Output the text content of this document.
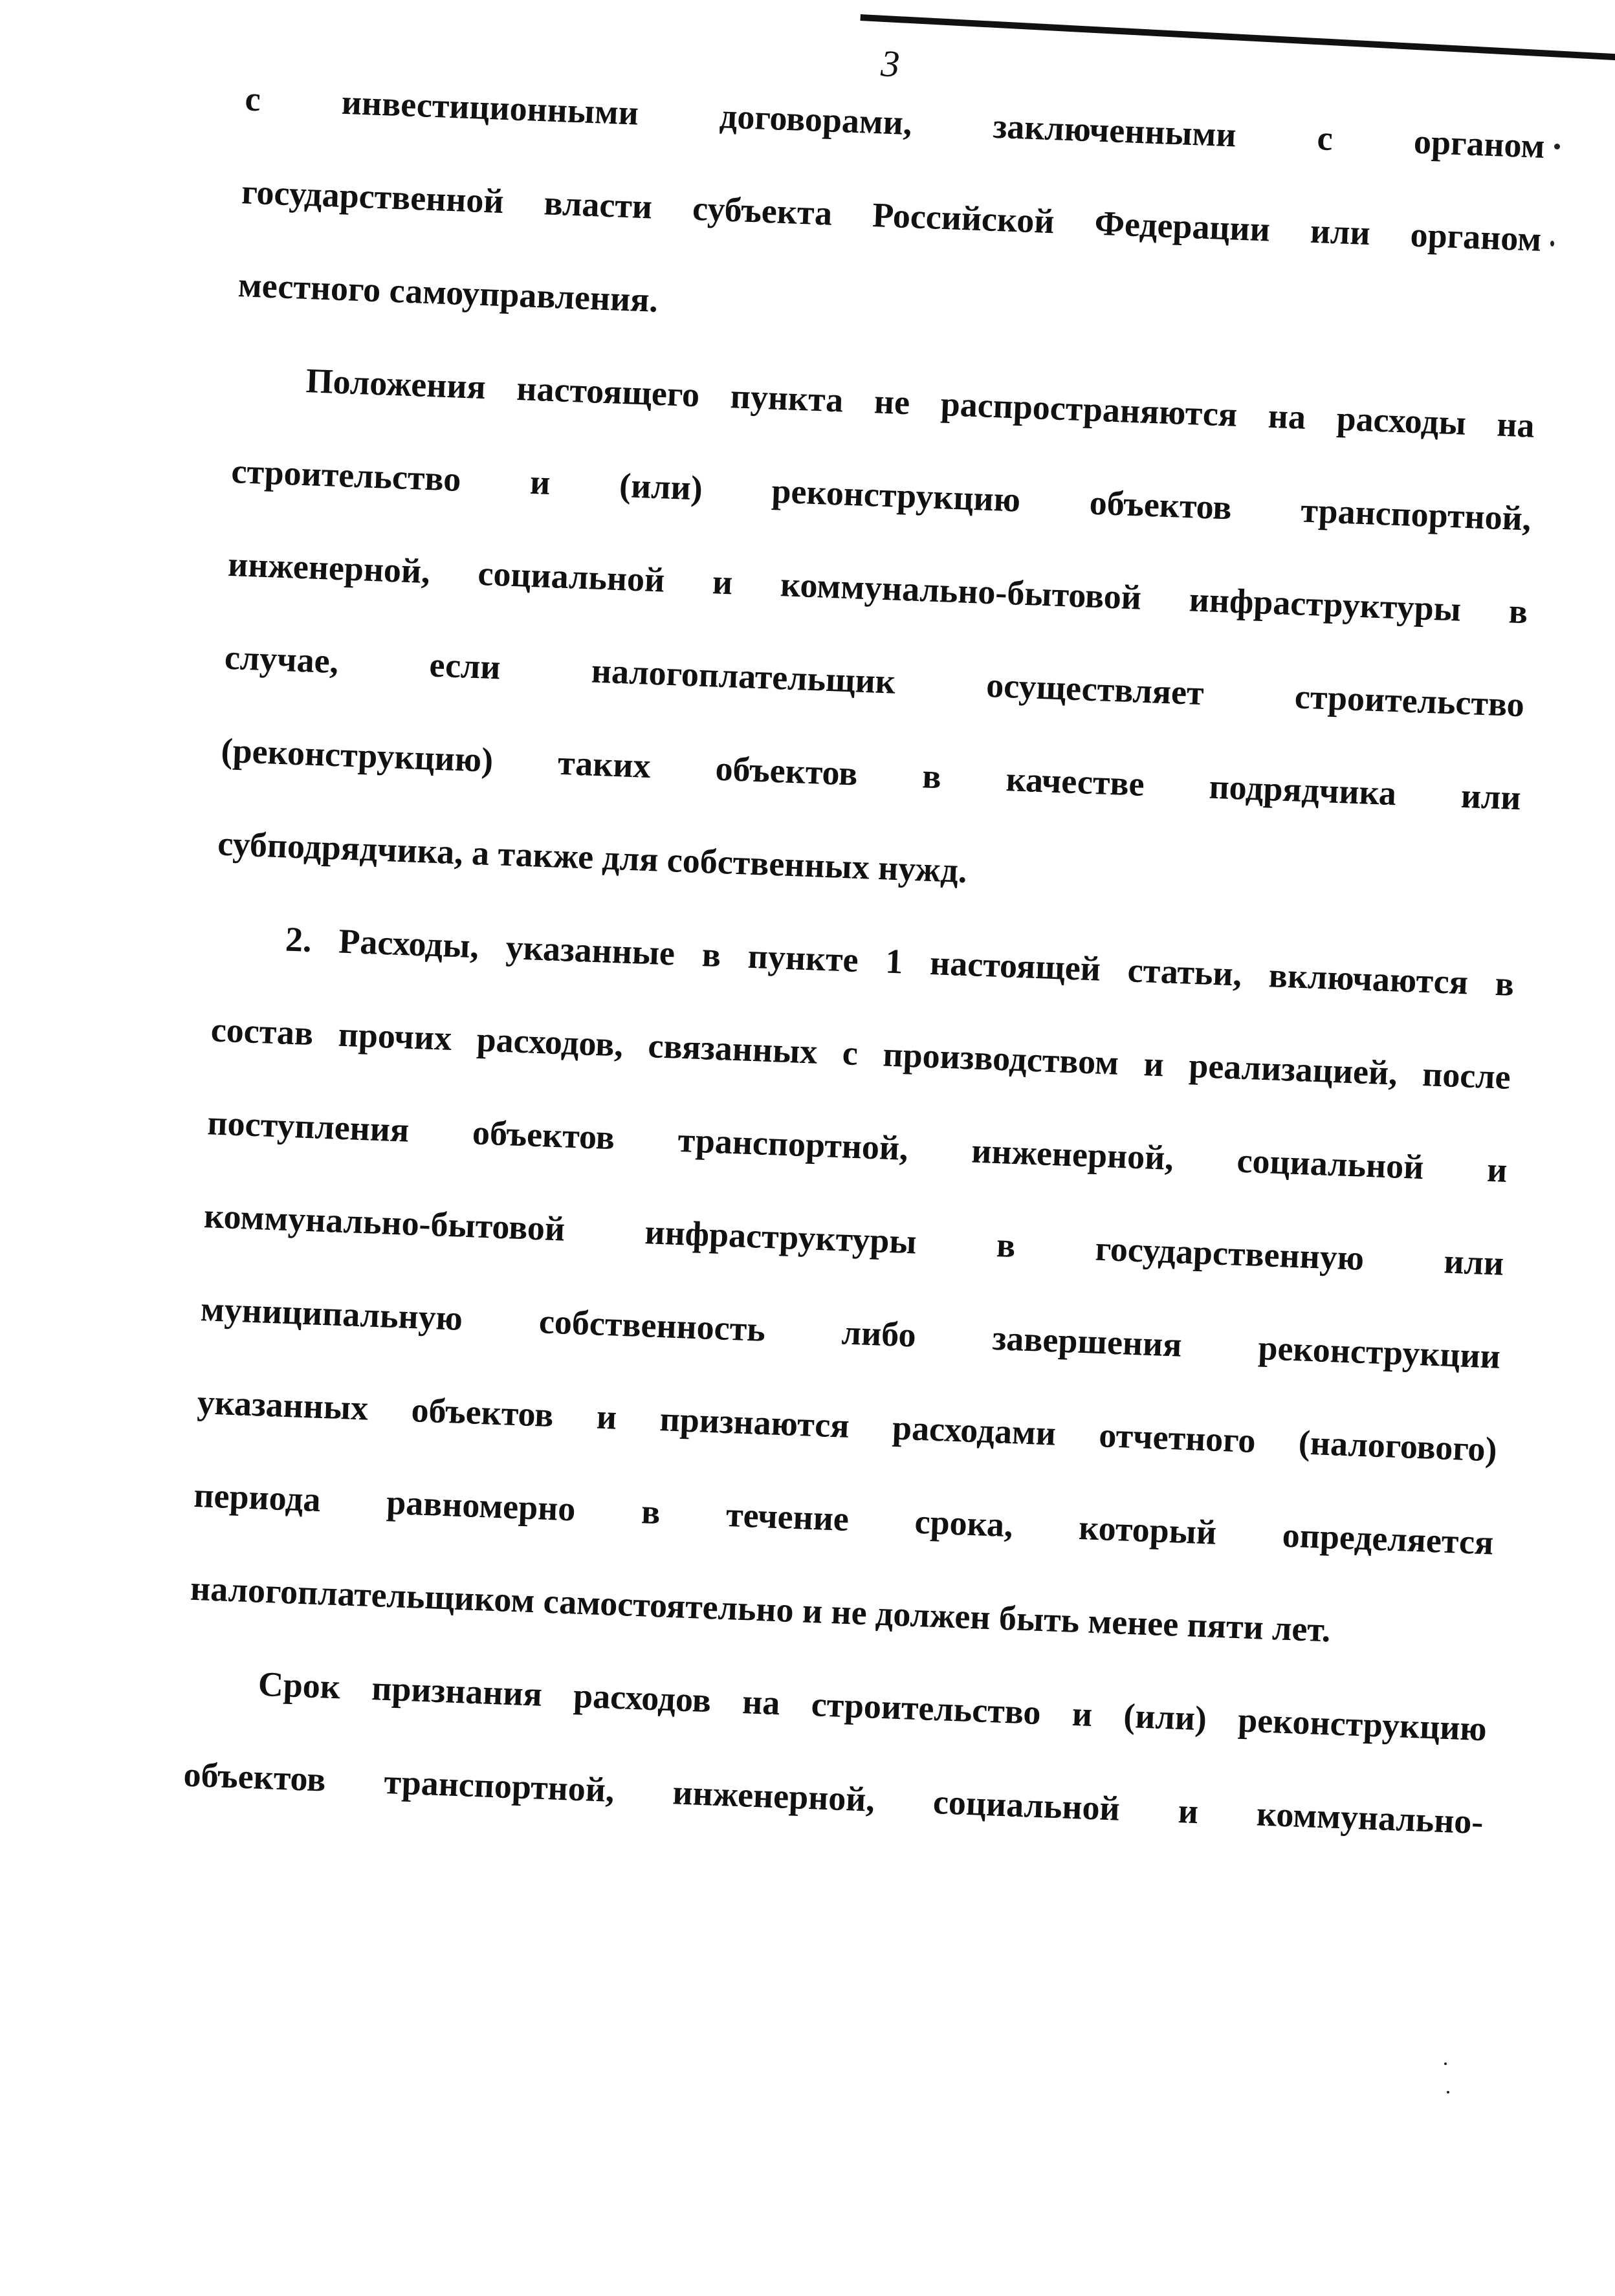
3
с инвестиционными договорами, заключенными с органом
государственной власти субъекта Российской Федерации или органом
местного самоуправления.
Положения настоящего пункта не распространяются на расходы на
строительство и (или) реконструкцию объектов транспортной,
инженерной, социальной и коммунально-бытовой инфраструктуры в
случае, если налогоплательщик осуществляет строительство
(реконструкцию) таких объектов в качестве подрядчика или
субподрядчика, а также для собственных нужд.
2. Расходы, указанные в пункте 1 настоящей статьи, включаются в
состав прочих расходов, связанных с производством и реализацией, после
поступления объектов транспортной, инженерной, социальной и
коммунально-бытовой инфраструктуры в государственную или
муниципальную собственность либо завершения реконструкции
указанных объектов и признаются расходами отчетного (налогового)
периода равномерно в течение срока, который определяется
налогоплательщиком самостоятельно и не должен быть менее пяти лет.
Срок признания расходов на строительство и (или) реконструкцию
объектов транспортной, инженерной, социальной и коммунально-
